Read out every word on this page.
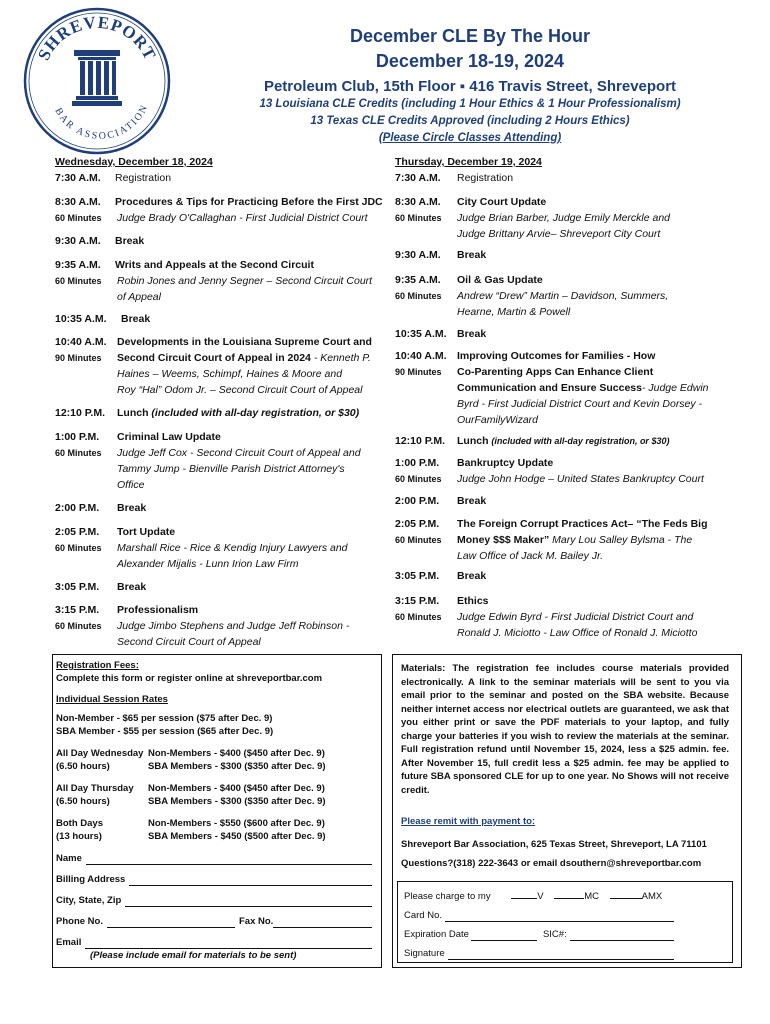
SHREVEPORT
BAR ASSOCIATION
December CLE By The Hour
December 18-19, 2024
Petroleum Club, 15th Floor ▪ 416 Travis Street, Shreveport
13 Louisiana CLE Credits (including 1 Hour Ethics & 1 Hour Professionalism)
13 Texas CLE Credits Approved (including 2 Hours Ethics)
(Please Circle Classes Attending)
Wednesday, December 18, 2024
7:30 A.M. Registration
8:30 A.M. Procedures & Tips for Practicing Before the First JDC
60 Minutes Judge Brady O'Callaghan - First Judicial District Court
9:30 A.M. Break
9:35 A.M. Writs and Appeals at the Second Circuit
60 Minutes Robin Jones and Jenny Segner – Second Circuit Court
of Appeal
10:35 A.M. Break
10:40 A.M. Developments in the Louisiana Supreme Court and
90 Minutes Second Circuit Court of Appeal in 2024 - Kenneth P.
Haines – Weems, Schimpf, Haines & Moore and
Roy “Hal” Odom Jr. – Second Circuit Court of Appeal
12:10 P.M. Lunch (included with all-day registration, or $30)
1:00 P.M. Criminal Law Update
60 Minutes Judge Jeff Cox - Second Circuit Court of Appeal and
Tammy Jump - Bienville Parish District Attorney's
Office
2:00 P.M. Break
2:05 P.M. Tort Update
60 Minutes Marshall Rice - Rice & Kendig Injury Lawyers and
Alexander Mijalis - Lunn Irion Law Firm
3:05 P.M. Break
3:15 P.M. Professionalism
60 Minutes Judge Jimbo Stephens and Judge Jeff Robinson -
Second Circuit Court of Appeal
Thursday, December 19, 2024
7:30 A.M. Registration
8:30 A.M. City Court Update
60 Minutes Judge Brian Barber, Judge Emily Merckle and
Judge Brittany Arvie– Shreveport City Court
9:30 A.M. Break
9:35 A.M. Oil & Gas Update
60 Minutes Andrew “Drew” Martin – Davidson, Summers,
Hearne, Martin & Powell
10:35 A.M. Break
10:40 A.M. Improving Outcomes for Families - How
90 Minutes Co-Parenting Apps Can Enhance Client
Communication and Ensure Success- Judge Edwin
Byrd - First Judicial District Court and Kevin Dorsey -
OurFamilyWizard
12:10 P.M. Lunch (included with all-day registration, or $30)
1:00 P.M. Bankruptcy Update
60 Minutes Judge John Hodge – United States Bankruptcy Court
2:00 P.M. Break
2:05 P.M. The Foreign Corrupt Practices Act– “The Feds Big
60 Minutes Money $$$ Maker” Mary Lou Salley Bylsma - The
Law Office of Jack M. Bailey Jr.
3:05 P.M. Break
3:15 P.M. Ethics
60 Minutes Judge Edwin Byrd - First Judicial District Court and
Ronald J. Miciotto - Law Office of Ronald J. Miciotto
Registration Fees:
Complete this form or register online at shreveportbar.com
Individual Session Rates
Non-Member - $65 per session ($75 after Dec. 9)
SBA Member - $55 per session ($65 after Dec. 9)
All Day Wednesday
(6.50 hours)
Non-Members - $400 ($450 after Dec. 9)
SBA Members - $300 ($350 after Dec. 9)
All Day Thursday
(6.50 hours)
Non-Members - $400 ($450 after Dec. 9)
SBA Members - $300 ($350 after Dec. 9)
Both Days
(13 hours)
Non-Members - $550 ($600 after Dec. 9)
SBA Members - $450 ($500 after Dec. 9)
Name
Billing Address
City, State, Zip
Phone No.	Fax No.
Email
(Please include email for materials to be sent)
Materials: The registration fee includes course materials provided electronically. A link to the seminar materials will be sent to you via email prior to the seminar and posted on the SBA website. Because neither internet access nor electrical outlets are guaranteed, we ask that you either print or save the PDF materials to your laptop, and fully charge your batteries if you wish to review the materials at the seminar. Full registration refund until November 15, 2024, less a $25 admin. fee. After November 15, full credit less a $25 admin. fee may be applied to future SBA sponsored CLE for up to one year. No Shows will not receive credit.
Please remit with payment to:
Shreveport Bar Association, 625 Texas Street, Shreveport, LA 71101
Questions?(318) 222-3643 or email dsouthern@shreveportbar.com
Please charge to my	V	MC	AMX
Card No.
Expiration Date	SIC#:
Signature
